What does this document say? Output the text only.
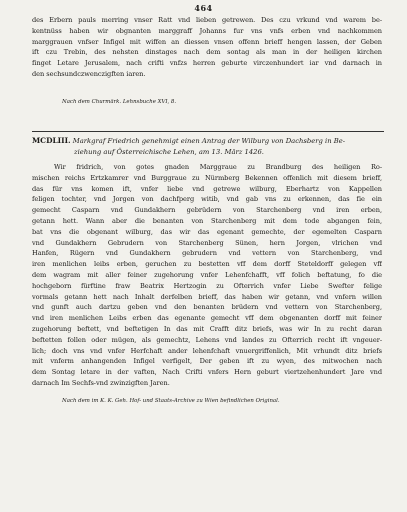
464
des Erbern pauls merring vnser Ratt vnd lieben getrewen. Des czu vrkund vnd warem be-
kentnüss haben wir obgnanten marggraff Johanns fur vns vnfs erben vnd nachkommen
marggrauen vnfser Infigel mit wiffen an diessen vnsen offenn brieff hengen lassen, der Geben
ift czu Trebin, des nehsten dinstages nach dem sontag als man in der heiligen kirchen
finget Letare Jerusalem, nach crifti vnfzs herren geburte virczenhundert iar vnd darnach in
den sechsundczwenczigften iaren.
Nach dem Churmärk. Lehnsbuche XVI, 8.
MCDLIII. Markgraf Friedrich genehmigt einen Antrag der Wilburg von Dachsberg in Be-
ziehung auf Österreichische Lehen, am 13. März 1426.
Wir fridrich, von gotes gnaden Marggraue zu Brandburg des heiligen Ro-
mischen reichs Ertzkamrer vnd Burggraue zu Nürmberg Bekennen offenlich mit diesem brieff,
das für vns komen ift, vnfer liebe vnd getrewe wilburg, Eberhartz von Kappellen
feligen tochter, vnd Jorgen von dachfperg witib, vnd gab vns zu erkennen, das fie ein
gemecht Casparn vnd Gundakhern gebrüdern von Starchenberg vnd iren erben,
getann hett. Wann aber die benanten von Starchenberg mit dem tode abgangen fein,
bat vns die obgenant wilburg, das wir das egenant gemechte, der egemelten Casparn
vnd Gundakhern Gebrudern von Starchenberg Sünen, hern Jorgen, vlrichen vnd
Hanfen, Rügern vnd Gundakhern gebrudern vnd vettern von Starchenberg, vnd
iren menlichen leibs erben, geruchen zu bestetten vff dem dorff Steteldorff gelegen vff
dem wagram mit aller feiner zugehorung vnfer Lehenfchafft, vff folich beftatung, fo die
hochgeborn fürftine fraw Beatrix Hertzogin zu Ofterrich vnfer Liebe Swefter felige
vormals getann hett nach Inhalt derfelben brieff, das haben wir getann, vnd vnfern willen
vnd gunft auch dartzu geben vnd den benanten brüdern vnd vettern von Starchenberg,
vnd iren menlichen Leibs erben das egenante gemecht vff dem obgenanten dorff mit feiner
zugehorung beftett, vnd beftetigen In das mit Crafft ditz briefs, was wir In zu recht daran
beftetten follen oder mügen, als gemechtz, Lehens vnd landes zu Ofterrich recht ift vngeuer-
lich; doch vns vnd vnfer Herfchaft ander lehenfchaft vnuergriffenlich, Mit vrhundt ditz briefs
mit vnferm anhangenden Infigel verfigelt, Der geben ift zu wyen, des mitwochen nach
dem Sontag letare in der vaften, Nach Crifti vnfers Hern geburt viertzehenhundert Jare vnd
darnach Im Sechfs-vnd zwinzigften Jaren.
Nach dem im K. K. Geh. Hof- und Staats-Archive zu Wien befindlichen Original.
